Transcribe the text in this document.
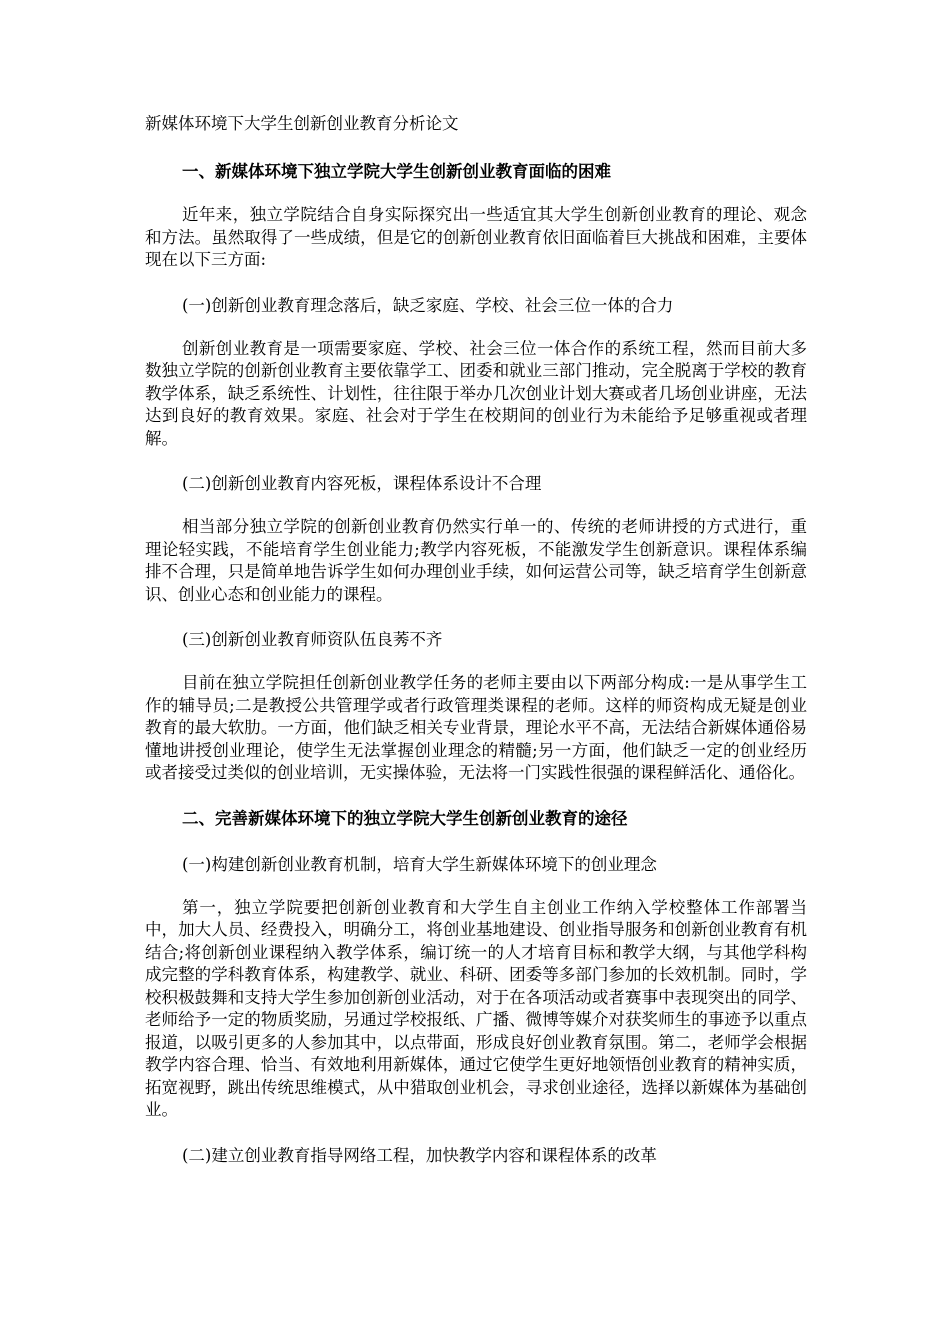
新媒体环境下大学生创新创业教育分析论文
一、新媒体环境下独立学院大学生创新创业教育面临的困难
近年来，独立学院结合自身实际探究出一些适宜其大学生创新创业教育的理论、观念和方法。虽然取得了一些成绩，但是它的创新创业教育依旧面临着巨大挑战和困难，主要体现在以下三方面:
(一)创新创业教育理念落后，缺乏家庭、学校、社会三位一体的合力
创新创业教育是一项需要家庭、学校、社会三位一体合作的系统工程，然而目前大多数独立学院的创新创业教育主要依靠学工、团委和就业三部门推动，完全脱离于学校的教育教学体系，缺乏系统性、计划性，往往限于举办几次创业计划大赛或者几场创业讲座，无法达到良好的教育效果。家庭、社会对于学生在校期间的创业行为未能给予足够重视或者理解。
(二)创新创业教育内容死板，课程体系设计不合理
相当部分独立学院的创新创业教育仍然实行单一的、传统的老师讲授的方式进行，重理论轻实践，不能培育学生创业能力;教学内容死板，不能激发学生创新意识。课程体系编排不合理，只是简单地告诉学生如何办理创业手续，如何运营公司等，缺乏培育学生创新意识、创业心态和创业能力的课程。
(三)创新创业教育师资队伍良莠不齐
目前在独立学院担任创新创业教学任务的老师主要由以下两部分构成:一是从事学生工作的辅导员;二是教授公共管理学或者行政管理类课程的老师。这样的师资构成无疑是创业教育的最大软肋。一方面，他们缺乏相关专业背景，理论水平不高，无法结合新媒体通俗易懂地讲授创业理论，使学生无法掌握创业理念的精髓;另一方面，他们缺乏一定的创业经历或者接受过类似的创业培训，无实操体验，无法将一门实践性很强的课程鲜活化、通俗化。
二、完善新媒体环境下的独立学院大学生创新创业教育的途径
(一)构建创新创业教育机制，培育大学生新媒体环境下的创业理念
第一，独立学院要把创新创业教育和大学生自主创业工作纳入学校整体工作部署当中，加大人员、经费投入，明确分工，将创业基地建设、创业指导服务和创新创业教育有机结合;将创新创业课程纳入教学体系，编订统一的人才培育目标和教学大纲，与其他学科构成完整的学科教育体系，构建教学、就业、科研、团委等多部门参加的长效机制。同时，学校积极鼓舞和支持大学生参加创新创业活动，对于在各项活动或者赛事中表现突出的同学、老师给予一定的物质奖励，另通过学校报纸、广播、微博等媒介对获奖师生的事迹予以重点报道，以吸引更多的人参加其中，以点带面，形成良好创业教育氛围。第二，老师学会根据教学内容合理、恰当、有效地利用新媒体，通过它使学生更好地领悟创业教育的精神实质，拓宽视野，跳出传统思维模式，从中猎取创业机会，寻求创业途径，选择以新媒体为基础创业。
(二)建立创业教育指导网络工程，加快教学内容和课程体系的改革
